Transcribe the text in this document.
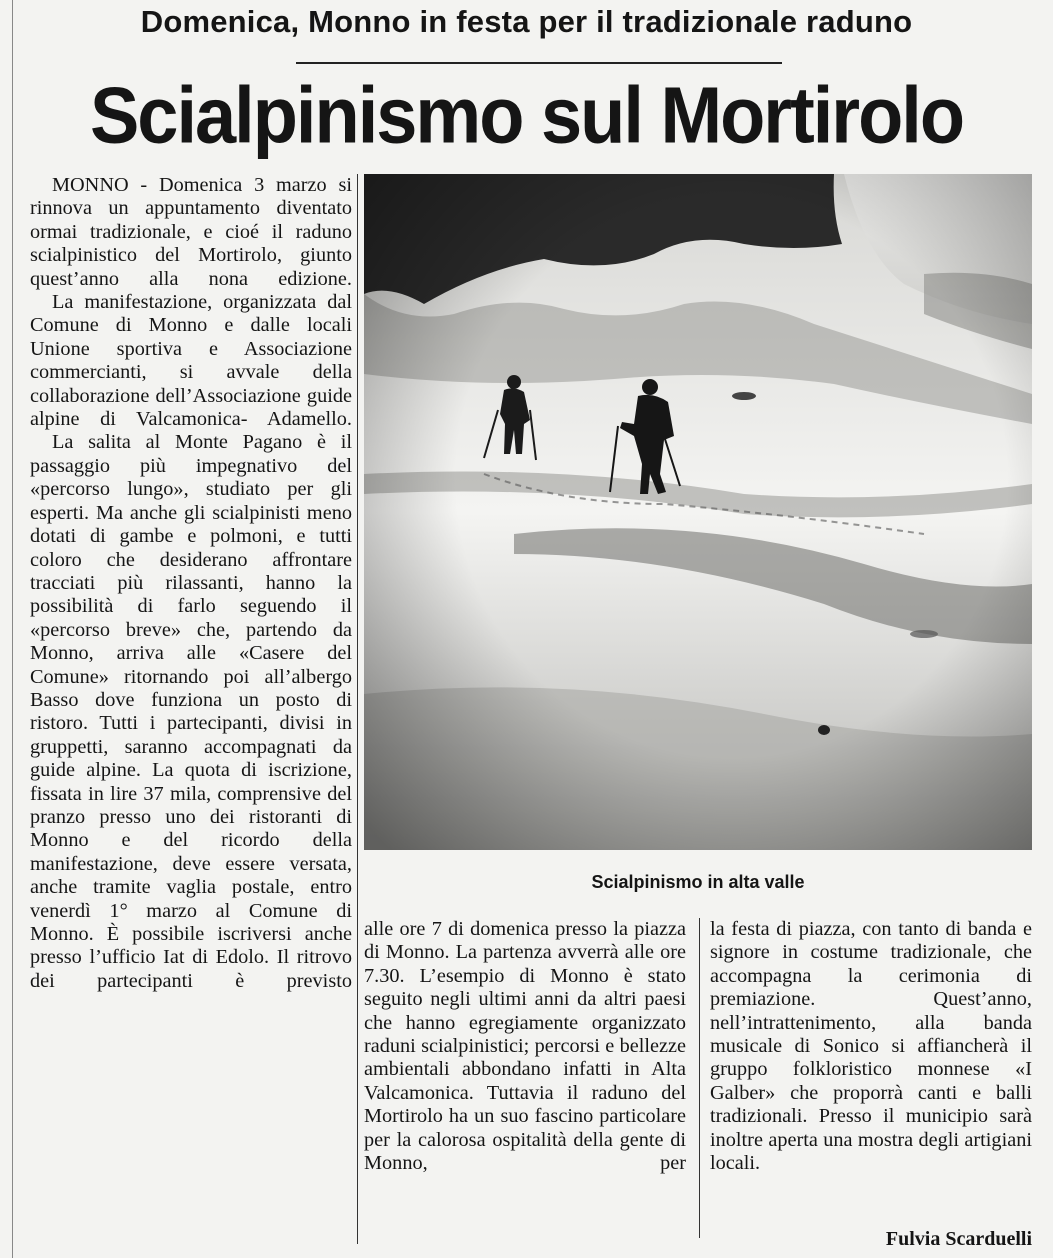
Domenica, Monno in festa per il tradizionale raduno
Scialpinismo sul Mortirolo

MONNO - Domenica 3 marzo si rinnova un appuntamento diventato ormai tradizionale, e cioé il raduno scialpinistico del Mortirolo, giunto quest’anno alla nona edizione.

La manifestazione, organizzata dal Comune di Monno e dalle locali Unione sportiva e Associazione commercianti, si avvale della collaborazione dell’Associazione guide alpine di Valcamonica- Adamello.

La salita al Monte Pagano è il passaggio più impegnativo del «percorso lungo», studiato per gli esperti. Ma anche gli scialpinisti meno dotati di gambe e polmoni, e tutti coloro che desiderano affrontare tracciati più rilassanti, hanno la possibilità di farlo seguendo il «percorso breve» che, partendo da Monno, arriva alle «Casere del Comune» ritornando poi all’albergo Basso dove funziona un posto di ristoro. Tutti i partecipanti, divisi in gruppetti, saranno accompagnati da guide alpine. La quota di iscrizione, fissata in lire 37 mila, comprensive del pranzo presso uno dei ristoranti di Monno e del ricordo della manifestazione, deve essere versata, anche tramite vaglia postale, entro venerdì 1° marzo al Comune di Monno. È possibile iscriversi anche presso l’ufficio Iat di Edolo. Il ritrovo dei partecipanti è previsto

Scialpinismo in alta valle

alle ore 7 di domenica presso la piazza di Monno. La partenza avverrà alle ore 7.30. L’esempio di Monno è stato seguito negli ultimi anni da altri paesi che hanno egregiamente organizzato raduni scialpinistici; percorsi e bellezze ambientali abbondano infatti in Alta Valcamonica. Tuttavia il raduno del Mortirolo ha un suo fascino particolare per la calorosa ospitalità della gente di Monno, per

la festa di piazza, con tanto di banda e signore in costume tradizionale, che accompagna la cerimonia di premiazione. Quest’anno, nell’intrattenimento, alla banda musicale di Sonico si affiancherà il gruppo folkloristico monnese «I Galber» che proporrà canti e balli tradizionali. Presso il municipio sarà inoltre aperta una mostra degli artigiani locali.

Fulvia Scarduelli
